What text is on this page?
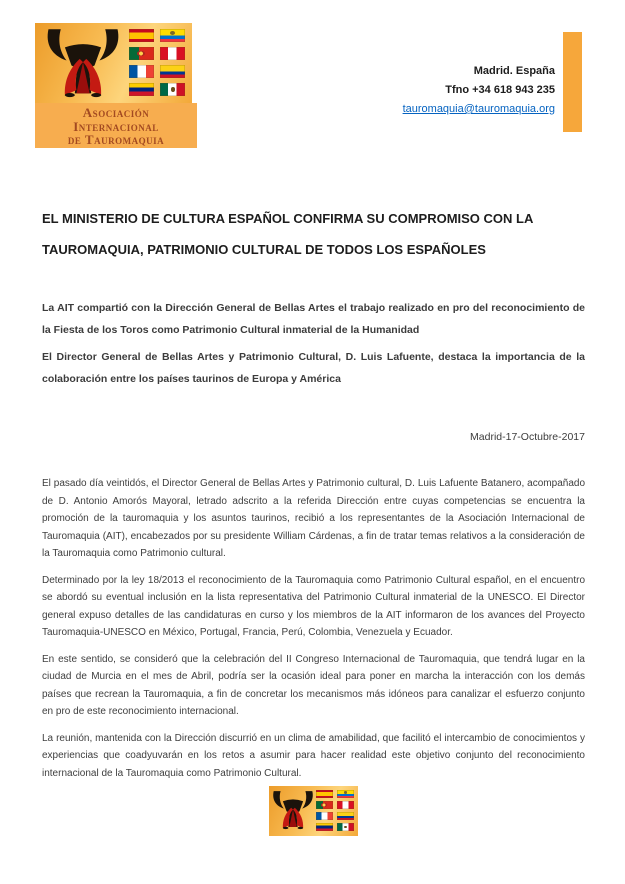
Asociación
Internacional
de Tauromaquia
Madrid. España
Tfno +34 618 943 235
tauromaquia@tauromaquia.org
EL MINISTERIO DE CULTURA ESPAÑOL CONFIRMA SU COMPROMISO CON LA TAUROMAQUIA, PATRIMONIO CULTURAL DE TODOS LOS ESPAÑOLES

La AIT compartió con la Dirección General de Bellas Artes el trabajo realizado en pro del reconocimiento de la Fiesta de los Toros como Patrimonio Cultural inmaterial de la Humanidad

El Director General de Bellas Artes y Patrimonio Cultural, D. Luis Lafuente, destaca la importancia de la colaboración entre los países taurinos de Europa y América

Madrid-17-Octubre-2017

El pasado día veintidós, el Director General de Bellas Artes y Patrimonio cultural, D. Luis Lafuente Batanero, acompañado de D. Antonio Amorós Mayoral, letrado adscrito a la referida Dirección entre cuyas competencias se encuentra la promoción de la tauromaquia y los asuntos taurinos, recibió a los representantes de la Asociación Internacional de Tauromaquia (AIT), encabezados por su presidente William Cárdenas, a fin de tratar temas relativos a la consideración de la Tauromaquia como Patrimonio cultural.

Determinado por la ley 18/2013 el reconocimiento de la Tauromaquia como Patrimonio Cultural español, en el encuentro se abordó su eventual inclusión en la lista representativa del Patrimonio Cultural inmaterial de la UNESCO. El Director general expuso detalles de las candidaturas en curso y los miembros de la AIT informaron de los avances del Proyecto Tauromaquia-UNESCO en México, Portugal, Francia, Perú, Colombia, Venezuela y Ecuador.

En este sentido, se consideró que la celebración del II Congreso Internacional de Tauromaquia, que tendrá lugar en la ciudad de Murcia en el mes de Abril, podría ser la ocasión ideal para poner en marcha la interacción con los demás países que recrean la Tauromaquia, a fin de concretar los mecanismos más idóneos para canalizar el esfuerzo conjunto en pro de este reconocimiento internacional.

La reunión, mantenida con la Dirección discurrió en un clima de amabilidad, que facilitó el intercambio de conocimientos y experiencias que coadyuvarán en los retos a asumir para hacer realidad este objetivo conjunto del reconocimiento internacional de la Tauromaquia como Patrimonio Cultural.
